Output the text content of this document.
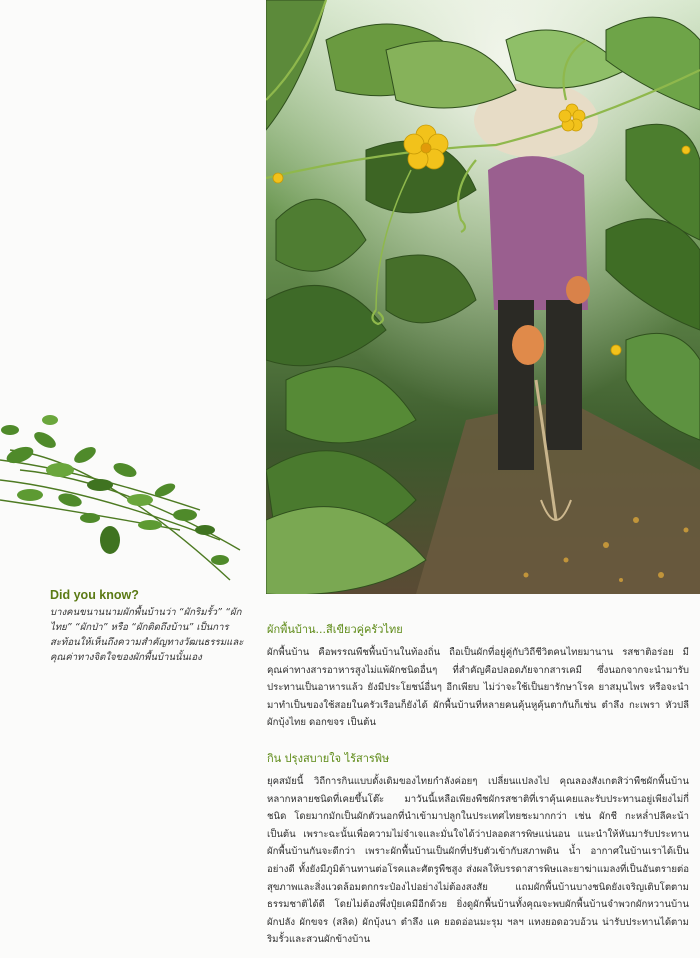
Did you know?

บางคนขนานนามผักพื้นบ้านว่า “ผักริมรั้ว” “ผักไทย” “ผักป่า” หรือ “ผักติดถึงบ้าน” เป็นการสะท้อนให้เห็นถึงความสำคัญทางวัฒนธรรมและคุณค่าทางจิตใจของผักพื้นบ้านนั้นเอง

ผักพื้นบ้าน...สีเขียวคู่ครัวไทย

ผักพื้นบ้าน คือพรรณพืชพื้นบ้านในท้องถิ่น ถือเป็นผักที่อยู่คู่กับวิถีชีวิตคนไทยมานาน รสชาติอร่อย มีคุณค่าทางสารอาหารสูงไม่แพ้ผักชนิดอื่นๆ ที่สำคัญคือปลอดภัยจากสารเคมี ซึ่งนอกจากจะนำมารับประทานเป็นอาหารแล้ว ยังมีประโยชน์อื่นๆ อีกเพียบ ไม่ว่าจะใช้เป็นยารักษาโรค ยาสมุนไพร หรือจะนำมาทำเป็นของใช้สอยในครัวเรือนก็ยังได้ ผักพื้นบ้านที่หลายคนคุ้นหูคุ้นตากันก็เช่น ตำลึง กะเพรา หัวปลี ผักบุ้งไทย ดอกขจร เป็นต้น

กิน ปรุงสบายใจ ไร้สารพิษ

ยุคสมัยนี้ วิถีการกินแบบดั้งเดิมของไทยกำลังค่อยๆ เปลี่ยนแปลงไป คุณลองสังเกตสิว่าพืชผักพื้นบ้านหลากหลายชนิดที่เคยขึ้นโต๊ะ มาวันนี้เหลือเพียงพืชผักรสชาติที่เราคุ้นเคยและรับประทานอยู่เพียงไม่กี่ชนิด โดยมากมักเป็นผักตัวนอกที่นำเข้ามาปลูกในประเทศไทยชะมากกว่า เช่น ผักชี กะหล่ำปลีคะน้า เป็นต้น เพราะฉะนั้นเพื่อความไม่จำเจและมั่นใจได้ว่าปลอดสารพิษแน่นอน แนะนำให้หันมารับประทานผักพื้นบ้านกันจะดีกว่า เพราะผักพื้นบ้านเป็นผักที่ปรับตัวเข้ากับสภาพดิน น้ำ อากาศในบ้านเราได้เป็นอย่างดี ทั้งยังมีภูมิต้านทานต่อโรคและศัตรูพืชสูง ส่งผลให้บรรดาสารพิษและยาฆ่าแมลงที่เป็นอันตรายต่อสุขภาพและสิ่งแวดล้อมตกกระป๋องไปอย่างไม่ต้องสงสัย แถมผักพื้นบ้านบางชนิดยังเจริญเติบโตตามธรรมชาติได้ดี โดยไม่ต้องพึ่งปุ๋ยเคมีอีกด้วย ยิ่งดูผักพื้นบ้านทั้งคุณจะพบผักพื้นบ้านจำพวกผักหวานบ้าน ผักปลัง ผักขจร (สลิด) ผักบุ้งนา ตำลึง แค ยอดอ่อนมะรุม ฯลฯ แทงยอดอวบอ้วน น่ารับประทานได้ตามริมรั้วและสวนผักข้างบ้าน
